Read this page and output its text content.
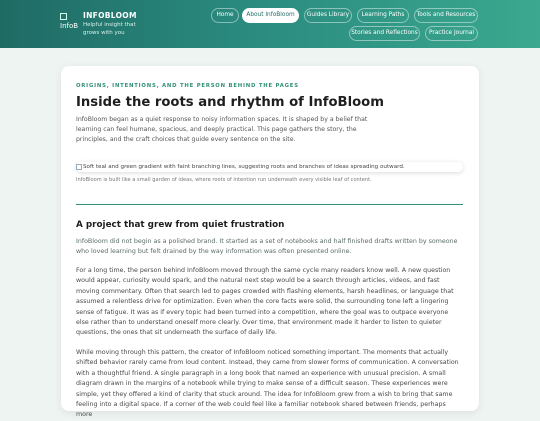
InfoB
INFOBLOOM
Helpful insight that grows with you
Home	About InfoBloom	Guides Library	Learning Paths	Tools and Resources
Stories and Reflections	Practice Journal
ORIGINS, INTENTIONS, AND THE PERSON BEHIND THE PAGES
Inside the roots and rhythm of InfoBloom
InfoBloom began as a quiet response to noisy information spaces. It is shaped by a belief that learning can feel humane, spacious, and deeply practical. This page gathers the story, the principles, and the craft choices that guide every sentence on the site.
Soft teal and green gradient with faint branching lines, suggesting roots and branches of ideas spreading outward.
InfoBloom is built like a small garden of ideas, where roots of intention run underneath every visible leaf of content.
A project that grew from quiet frustration
InfoBloom did not begin as a polished brand. It started as a set of notebooks and half finished drafts written by someone who loved learning but felt drained by the way information was often presented online.
For a long time, the person behind InfoBloom moved through the same cycle many readers know well. A new question would appear, curiosity would spark, and the natural next step would be a search through articles, videos, and fast moving commentary. Often that search led to pages crowded with flashing elements, harsh headlines, or language that assumed a relentless drive for optimization. Even when the core facts were solid, the surrounding tone left a lingering sense of fatigue. It was as if every topic had been turned into a competition, where the goal was to outpace everyone else rather than to understand oneself more clearly. Over time, that environment made it harder to listen to quieter questions, the ones that sit underneath the surface of daily life.
While moving through this pattern, the creator of InfoBloom noticed something important. The moments that actually shifted behavior rarely came from loud content. Instead, they came from slower forms of communication. A conversation with a thoughtful friend. A single paragraph in a long book that named an experience with unusual precision. A small diagram drawn in the margins of a notebook while trying to make sense of a difficult season. These experiences were simple, yet they offered a kind of clarity that stuck around. The idea for InfoBloom grew from a wish to bring that same feeling into a digital space. If a corner of the web could feel like a familiar notebook shared between friends, perhaps more
